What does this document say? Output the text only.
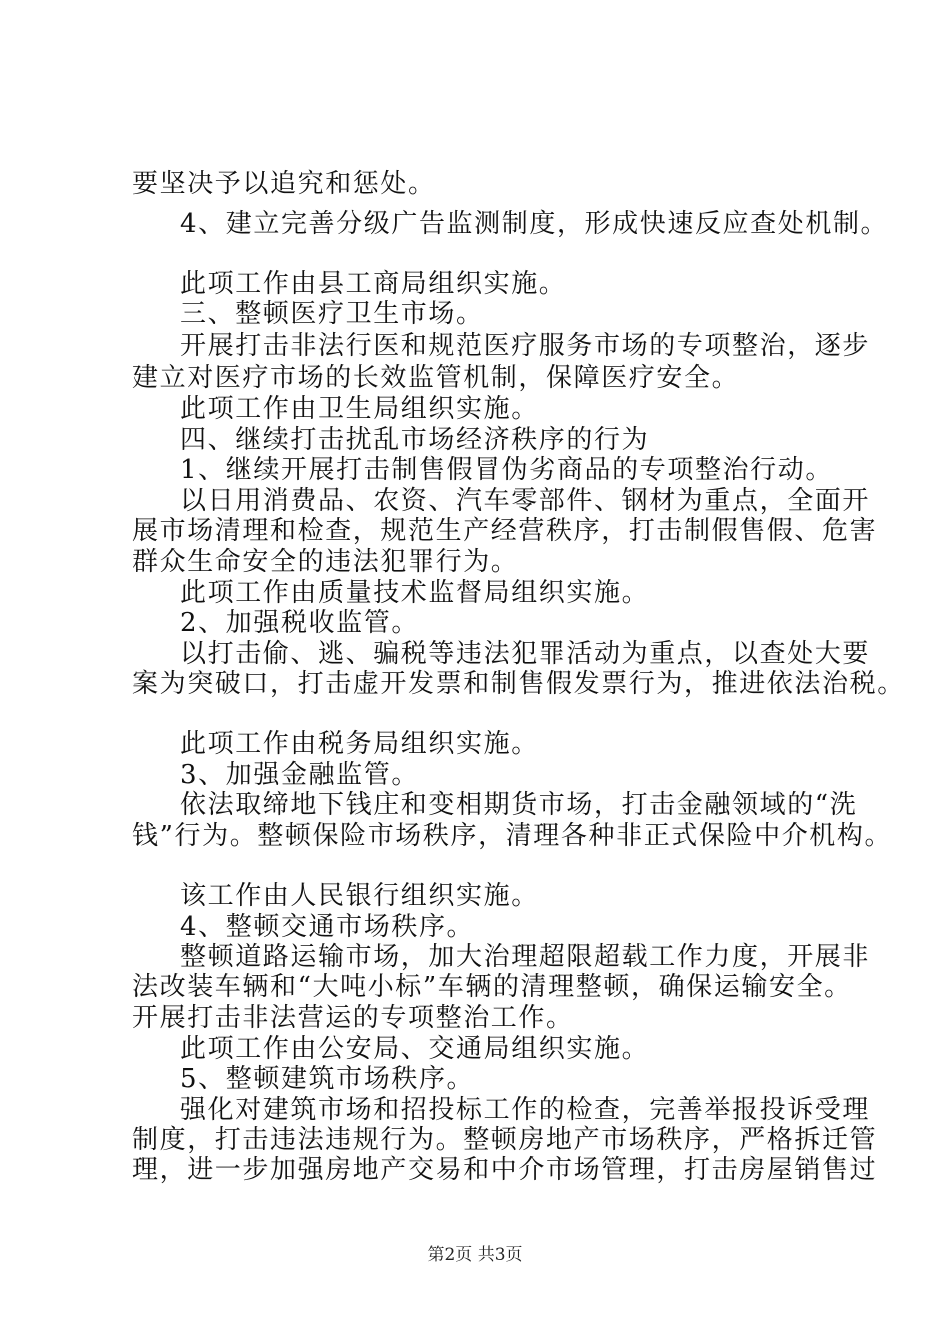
要坚决予以追究和惩处。
4、建立完善分级广告监测制度，形成快速反应查处机制。
此项工作由县工商局组织实施。
三、整顿医疗卫生市场。
开展打击非法行医和规范医疗服务市场的专项整治，逐步
建立对医疗市场的长效监管机制，保障医疗安全。
此项工作由卫生局组织实施。
四、继续打击扰乱市场经济秩序的行为
1、继续开展打击制售假冒伪劣商品的专项整治行动。
以日用消费品、农资、汽车零部件、钢材为重点，全面开
展市场清理和检查，规范生产经营秩序，打击制假售假、危害
群众生命安全的违法犯罪行为。
此项工作由质量技术监督局组织实施。
2、加强税收监管。
以打击偷、逃、骗税等违法犯罪活动为重点，以查处大要
案为突破口，打击虚开发票和制售假发票行为，推进依法治税。
此项工作由税务局组织实施。
3、加强金融监管。
依法取缔地下钱庄和变相期货市场，打击金融领域的“洗
钱”行为。整顿保险市场秩序，清理各种非正式保险中介机构。
该工作由人民银行组织实施。
4、整顿交通市场秩序。
整顿道路运输市场，加大治理超限超载工作力度，开展非
法改装车辆和“大吨小标”车辆的清理整顿，确保运输安全。
开展打击非法营运的专项整治工作。
此项工作由公安局、交通局组织实施。
5、整顿建筑市场秩序。
强化对建筑市场和招投标工作的检查，完善举报投诉受理
制度，打击违法违规行为。整顿房地产市场秩序，严格拆迁管
理，进一步加强房地产交易和中介市场管理，打击房屋销售过
第2页 共3页
